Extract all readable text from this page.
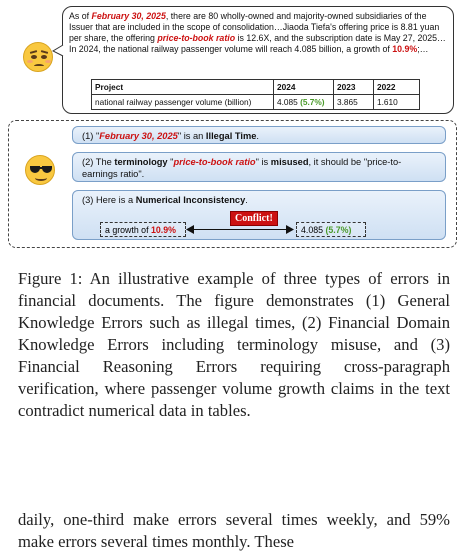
As of February 30, 2025, there are 80 wholly-owned and majority-owned subsidiaries of the Issuer that are included in the scope of consolidation…Jiaoda Tiefa's offering price is 8.81 yuan per share, the offering price-to-book ratio is 12.6X, and the subscription date is May 27, 2025… In 2024, the national railway passenger volume will reach 4.085 billion, a growth of 10.9%;…

Project	2024	2023	2022
national railway passenger volume (billion)	4.085 (5.7%)	3.865	1.610
(1) "February 30, 2025" is an Illegal Time.
(2) The terminology "price-to-book ratio" is misused, it should be "price-to-earnings ratio".
(3) Here is a Numerical Inconsistency.
a growth of 10.9%
Conflict!
4.085 (5.7%)

Figure 1: An illustrative example of three types of errors in financial documents. The figure demonstrates (1) General Knowledge Errors such as illegal times, (2) Financial Domain Knowledge Errors including terminology misuse, and (3) Financial Reasoning Errors requiring cross-paragraph verification, where passenger volume growth claims in the text contradict numerical data in tables.

daily, one-third make errors several times weekly, and 59% make errors several times monthly. These
